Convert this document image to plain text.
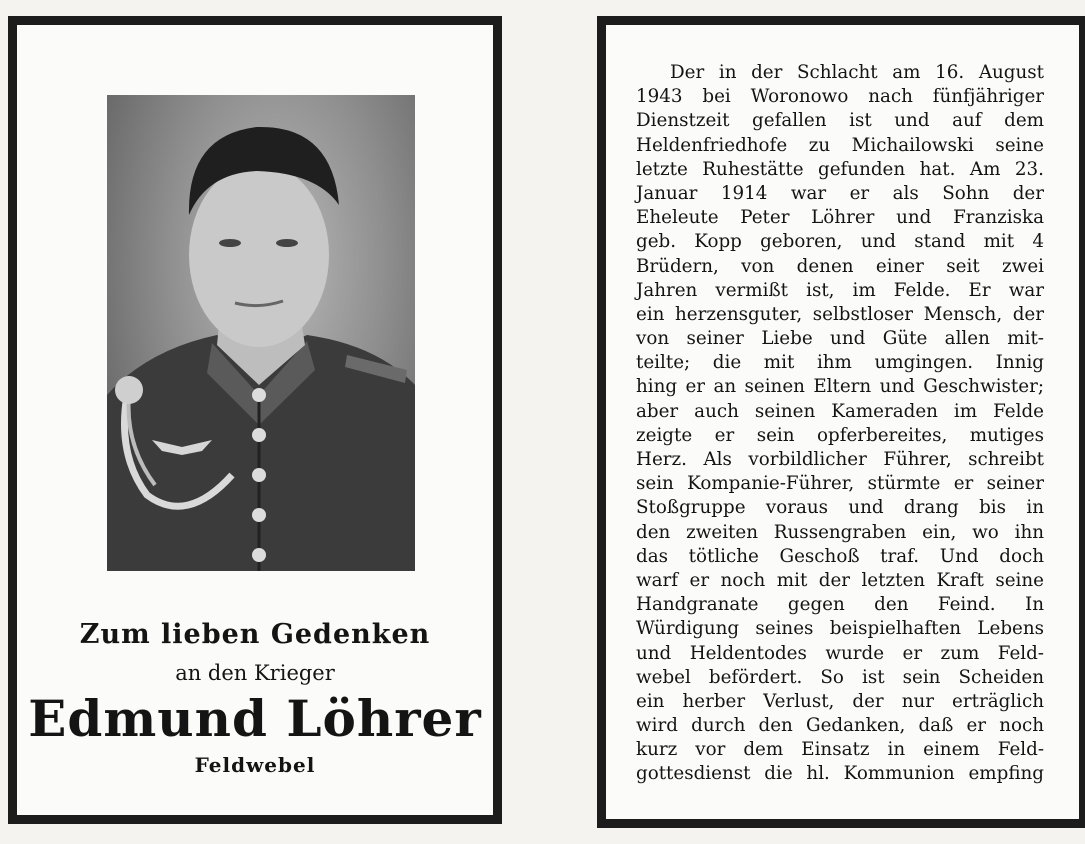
Zum lieben Gedenken
an den Krieger
Edmund Löhrer
Feldwebel
Der in der Schlacht am 16. August
1943 bei Woronowo nach fünfjähriger
Dienstzeit gefallen ist und auf dem
Heldenfriedhofe zu Michailowski seine
letzte Ruhestätte gefunden hat. Am 23.
Januar 1914 war er als Sohn der
Eheleute Peter Löhrer und Franziska
geb. Kopp geboren, und stand mit 4
Brüdern, von denen einer seit zwei
Jahren vermißt ist, im Felde. Er war
ein herzensguter, selbstloser Mensch, der
von seiner Liebe und Güte allen mit-
teilte; die mit ihm umgingen. Innig
hing er an seinen Eltern und Geschwister;
aber auch seinen Kameraden im Felde
zeigte er sein opferbereites, mutiges
Herz. Als vorbildlicher Führer, schreibt
sein Kompanie-Führer, stürmte er seiner
Stoßgruppe voraus und drang bis in
den zweiten Russengraben ein, wo ihn
das tötliche Geschoß traf. Und doch
warf er noch mit der letzten Kraft seine
Handgranate gegen den Feind. In
Würdigung seines beispielhaften Lebens
und Heldentodes wurde er zum Feld-
webel befördert. So ist sein Scheiden
ein herber Verlust, der nur erträglich
wird durch den Gedanken, daß er noch
kurz vor dem Einsatz in einem Feld-
gottesdienst die hl. Kommunion empfing
